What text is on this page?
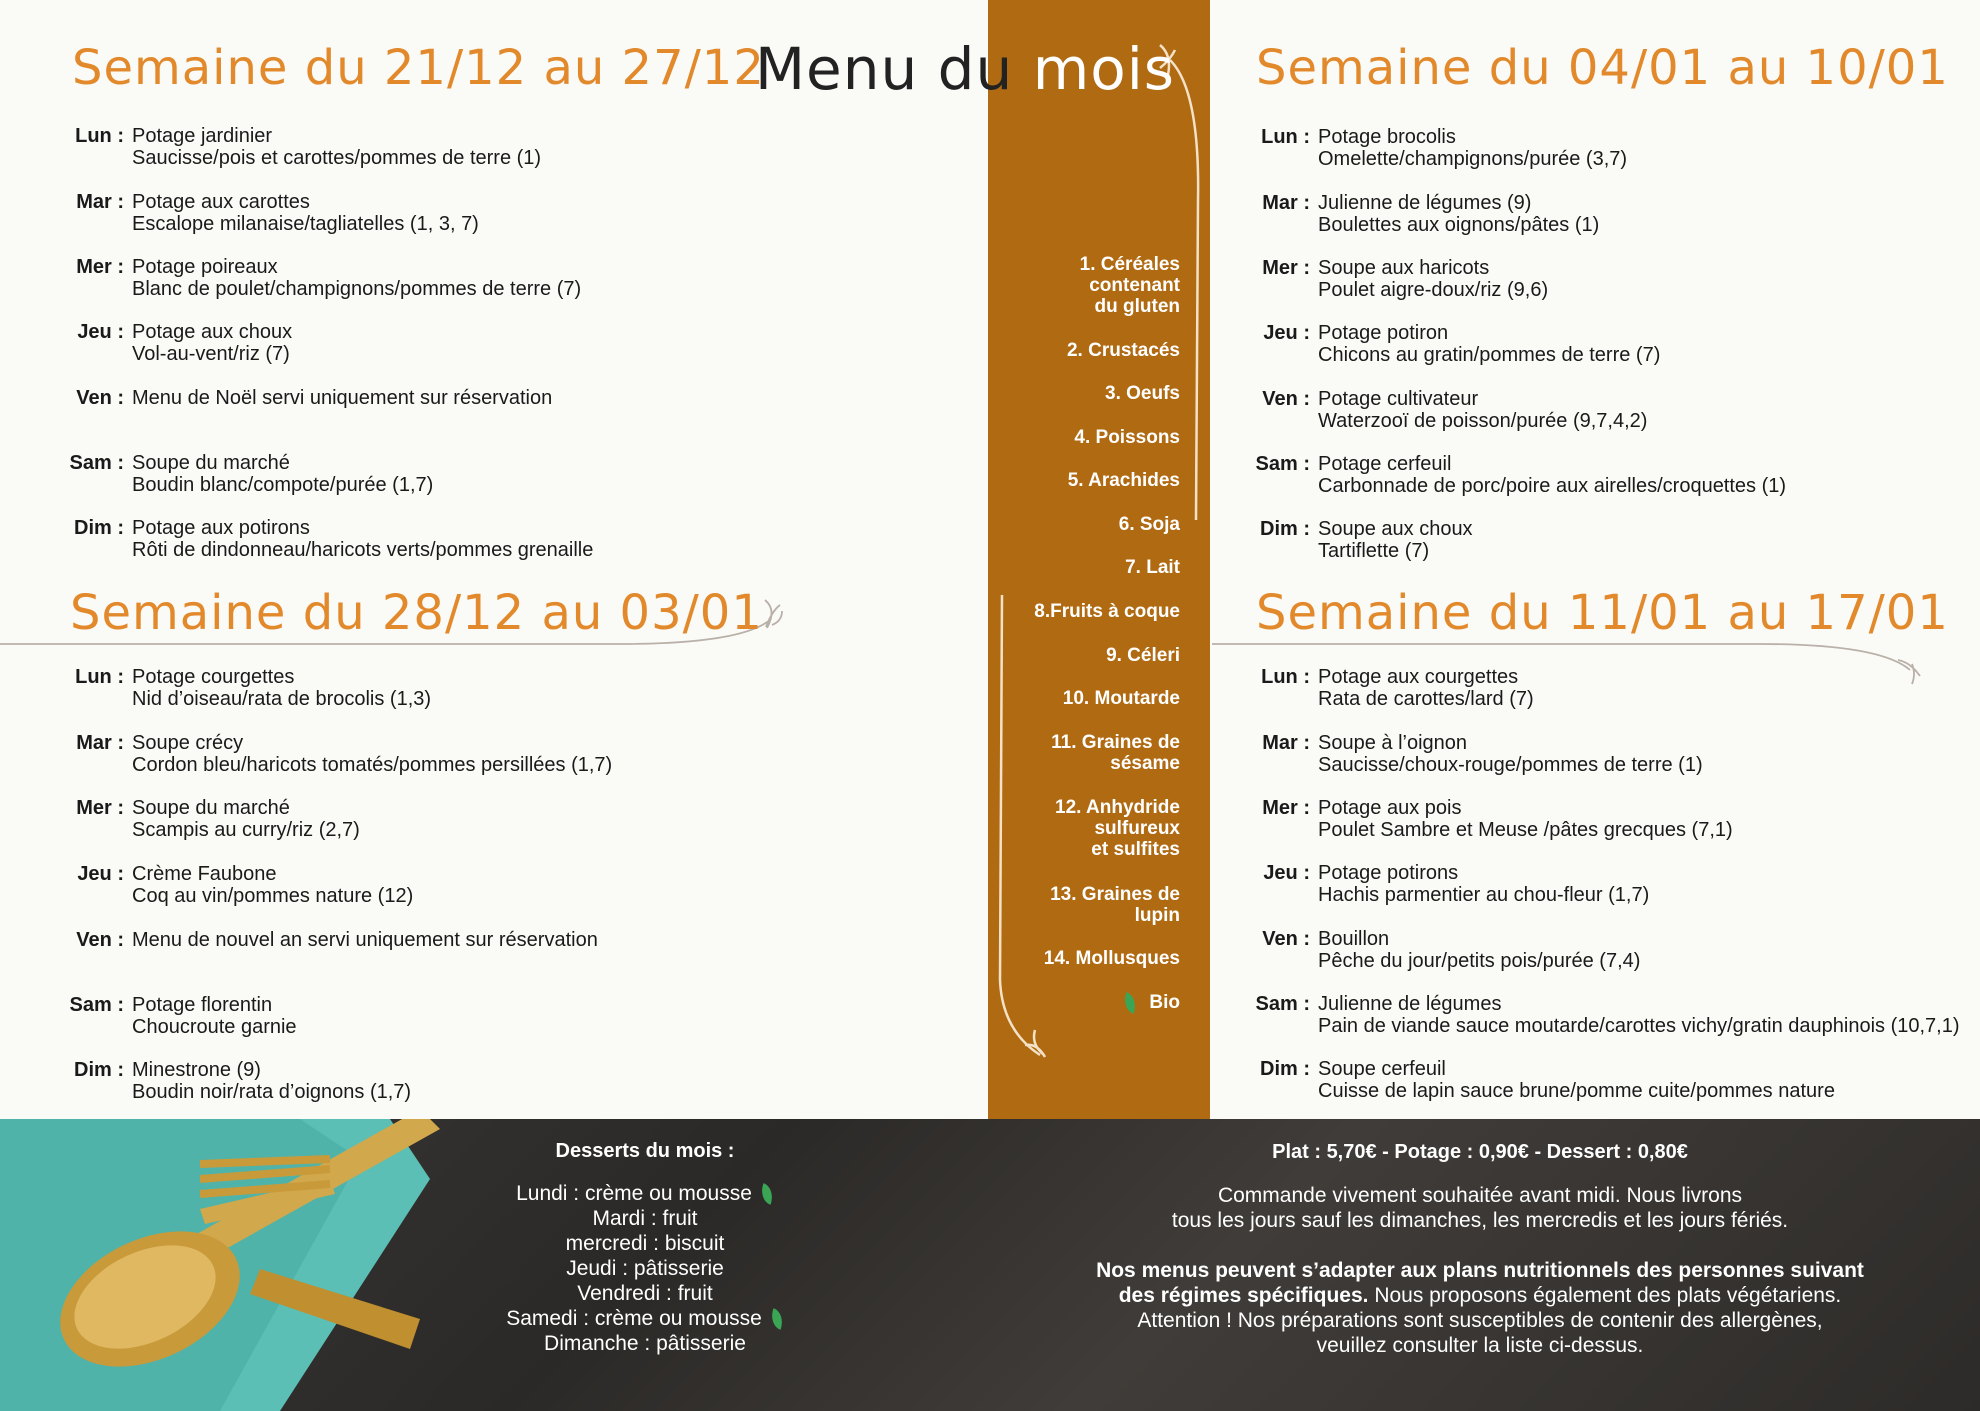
Menu du mois
Semaine du 21/12 au 27/12
Lun : Potage jardinier
Saucisse/pois et carottes/pommes de terre (1)
Mar : Potage aux carottes
Escalope milanaise/tagliatelles (1, 3, 7)
Mer : Potage poireaux
Blanc de poulet/champignons/pommes de terre (7)
Jeu : Potage aux choux
Vol-au-vent/riz (7)
Ven : Menu de Noël servi uniquement sur réservation
Sam : Soupe du marché
Boudin blanc/compote/purée (1,7)
Dim : Potage aux potirons
Rôti de dindonneau/haricots verts/pommes grenaille
Semaine du 28/12 au 03/01
Lun : Potage courgettes
Nid d’oiseau/rata de brocolis (1,3)
Mar : Soupe crécy
Cordon bleu/haricots tomatés/pommes persillées (1,7)
Mer : Soupe du marché
Scampis au curry/riz (2,7)
Jeu : Crème Faubone
Coq au vin/pommes nature (12)
Ven : Menu de nouvel an servi uniquement sur réservation
Sam : Potage florentin
Choucroute garnie
Dim : Minestrone (9)
Boudin noir/rata d’oignons (1,7)
Semaine du 04/01 au 10/01
Lun : Potage brocolis
Omelette/champignons/purée (3,7)
Mar : Julienne de légumes (9)
Boulettes aux oignons/pâtes (1)
Mer : Soupe aux haricots
Poulet aigre-doux/riz (9,6)
Jeu : Potage potiron
Chicons au gratin/pommes de terre (7)
Ven : Potage cultivateur
Waterzooï de poisson/purée (9,7,4,2)
Sam : Potage cerfeuil
Carbonnade de porc/poire aux airelles/croquettes (1)
Dim : Soupe aux choux
Tartiflette (7)
Semaine du 11/01 au 17/01
Lun : Potage aux courgettes
Rata de carottes/lard (7)
Mar : Soupe à l’oignon
Saucisse/choux-rouge/pommes de terre (1)
Mer : Potage aux pois
Poulet Sambre et Meuse /pâtes grecques (7,1)
Jeu : Potage potirons
Hachis parmentier au chou-fleur (1,7)
Ven : Bouillon
Pêche du jour/petits pois/purée (7,4)
Sam : Julienne de légumes
Pain de viande sauce moutarde/carottes vichy/gratin dauphinois (10,7,1)
Dim : Soupe cerfeuil
Cuisse de lapin sauce brune/pomme cuite/pommes nature
1. Céréales
contenant
du gluten
2. Crustacés
3. Oeufs
4. Poissons
5. Arachides
6. Soja
7. Lait
8.Fruits à coque
9. Céleri
10. Moutarde
11. Graines de
sésame
12. Anhydride
sulfureux
et sulfites
13. Graines de
lupin
14. Mollusques
Bio
Desserts du mois :
Lundi : crème ou mousse
Mardi : fruit
mercredi : biscuit
Jeudi : pâtisserie
Vendredi : fruit
Samedi : crème ou mousse
Dimanche : pâtisserie

Plat : 5,70€ - Potage : 0,90€ - Dessert : 0,80€

Commande vivement souhaitée avant midi. Nous livrons

tous les jours sauf les dimanches, les mercredis et les jours fériés.

Nos menus peuvent s’adapter aux plans nutritionnels des personnes suivant

des régimes spécifiques. Nous proposons également des plats végétariens.

Attention ! Nos préparations sont susceptibles de contenir des allergènes,

veuillez consulter la liste ci-dessus.
